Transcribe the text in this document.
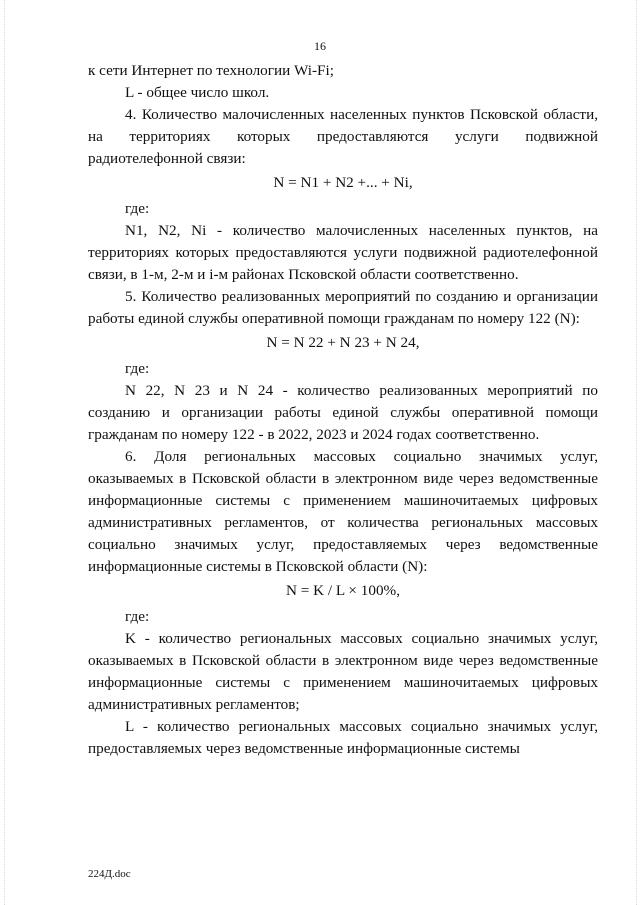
16

к сети Интернет по технологии Wi-Fi;

L - общее число школ.

4. Количество малочисленных населенных пунктов Псковской области, на территориях которых предоставляются услуги подвижной радиотелефонной связи:

N = N1 + N2 +... + Ni,

где:

N1, N2, Ni - количество малочисленных населенных пунктов, на территориях которых предоставляются услуги подвижной радиотелефонной связи, в 1-м, 2-м и i-м районах Псковской области соответственно.

5. Количество реализованных мероприятий по созданию и организации работы единой службы оперативной помощи гражданам по номеру 122 (N):

N = N 22 + N 23 + N 24,

где:

N 22, N 23 и N 24 - количество реализованных мероприятий по созданию и организации работы единой службы оперативной помощи гражданам по номеру 122 - в 2022, 2023 и 2024 годах соответственно.

6. Доля региональных массовых социально значимых услуг, оказываемых в Псковской области в электронном виде через ведомственные информационные системы с применением машиночитаемых цифровых административных регламентов, от количества региональных массовых социально значимых услуг, предоставляемых через ведомственные информационные системы в Псковской области (N):

N = K / L × 100%,

где:

K - количество региональных массовых социально значимых услуг, оказываемых в Псковской области в электронном виде через ведомственные информационные системы с применением машиночитаемых цифровых административных регламентов;

L - количество региональных массовых социально значимых услуг, предоставляемых через ведомственные информационные системы

224Д.doc
